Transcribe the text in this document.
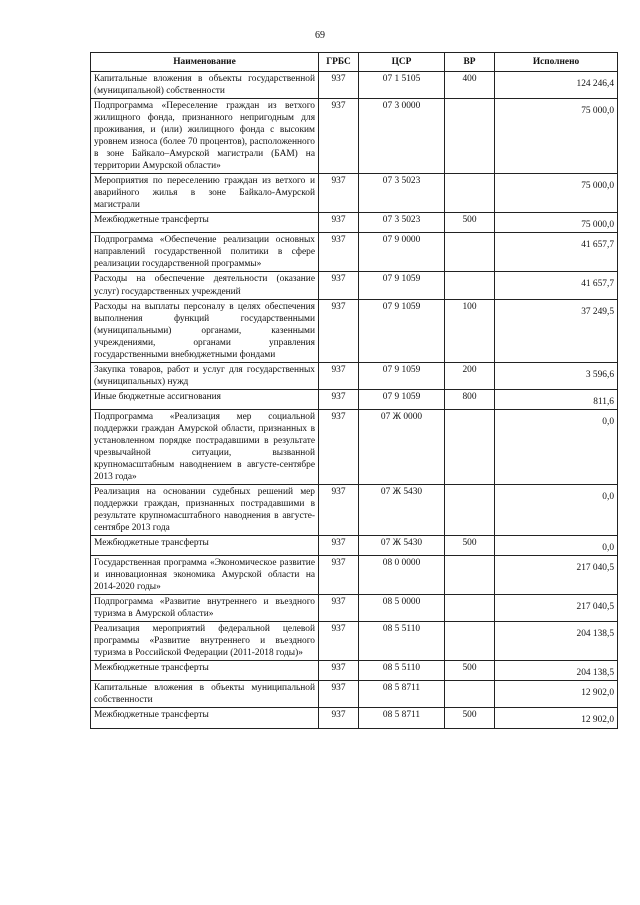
69
Наименование	ГРБС	ЦСР	ВР	Исполнено
Капитальные вложения в объекты государственной (муниципальной) собственности	937	07 1 5105	400	124 246,4
Подпрограмма «Переселение граждан из ветхого жилищного фонда, признанного непригодным для проживания, и (или) жилищного фонда с высоким уровнем износа (более 70 процентов), расположенного в зоне Байкало–Амурской магистрали (БАМ) на территории Амурской области»	937	07 3 0000		75 000,0
Мероприятия по переселению граждан из ветхого и аварийного жилья в зоне Байкало-Амурской магистрали	937	07 3 5023		75 000,0
Межбюджетные трансферты	937	07 3 5023	500	75 000,0
Подпрограмма «Обеспечение реализации основных направлений государственной политики в сфере реализации государственной программы»	937	07 9 0000		41 657,7
Расходы на обеспечение деятельности (оказание услуг) государственных учреждений	937	07 9 1059		41 657,7
Расходы на выплаты персоналу в целях обеспечения выполнения функций государственными (муниципальными) органами, казенными учреждениями, органами управления государственными внебюджетными фондами	937	07 9 1059	100	37 249,5
Закупка товаров, работ и услуг для государственных (муниципальных) нужд	937	07 9 1059	200	3 596,6
Иные бюджетные ассигнования	937	07 9 1059	800	811,6
Подпрограмма «Реализация мер социальной поддержки граждан Амурской области, признанных в установленном порядке пострадавшими в результате чрезвычайной ситуации, вызванной крупномасштабным наводнением в августе-сентябре 2013 года»	937	07 Ж 0000		0,0
Реализация на основании судебных решений мер поддержки граждан, признанных пострадавшими в результате крупномасштабного наводнения в августе-сентябре 2013 года	937	07 Ж 5430		0,0
Межбюджетные трансферты	937	07 Ж 5430	500	0,0
Государственная программа «Экономическое развитие и инновационная экономика Амурской области на 2014-2020 годы»	937	08 0 0000		217 040,5
Подпрограмма «Развитие внутреннего и въездного туризма в Амурской области»	937	08 5 0000		217 040,5
Реализация мероприятий федеральной целевой программы «Развитие внутреннего и въездного туризма в Российской Федерации (2011-2018 годы)»	937	08 5 5110		204 138,5
Межбюджетные трансферты	937	08 5 5110	500	204 138,5
Капитальные вложения в объекты муниципальной собственности	937	08 5 8711		12 902,0
Межбюджетные трансферты	937	08 5 8711	500	12 902,0
